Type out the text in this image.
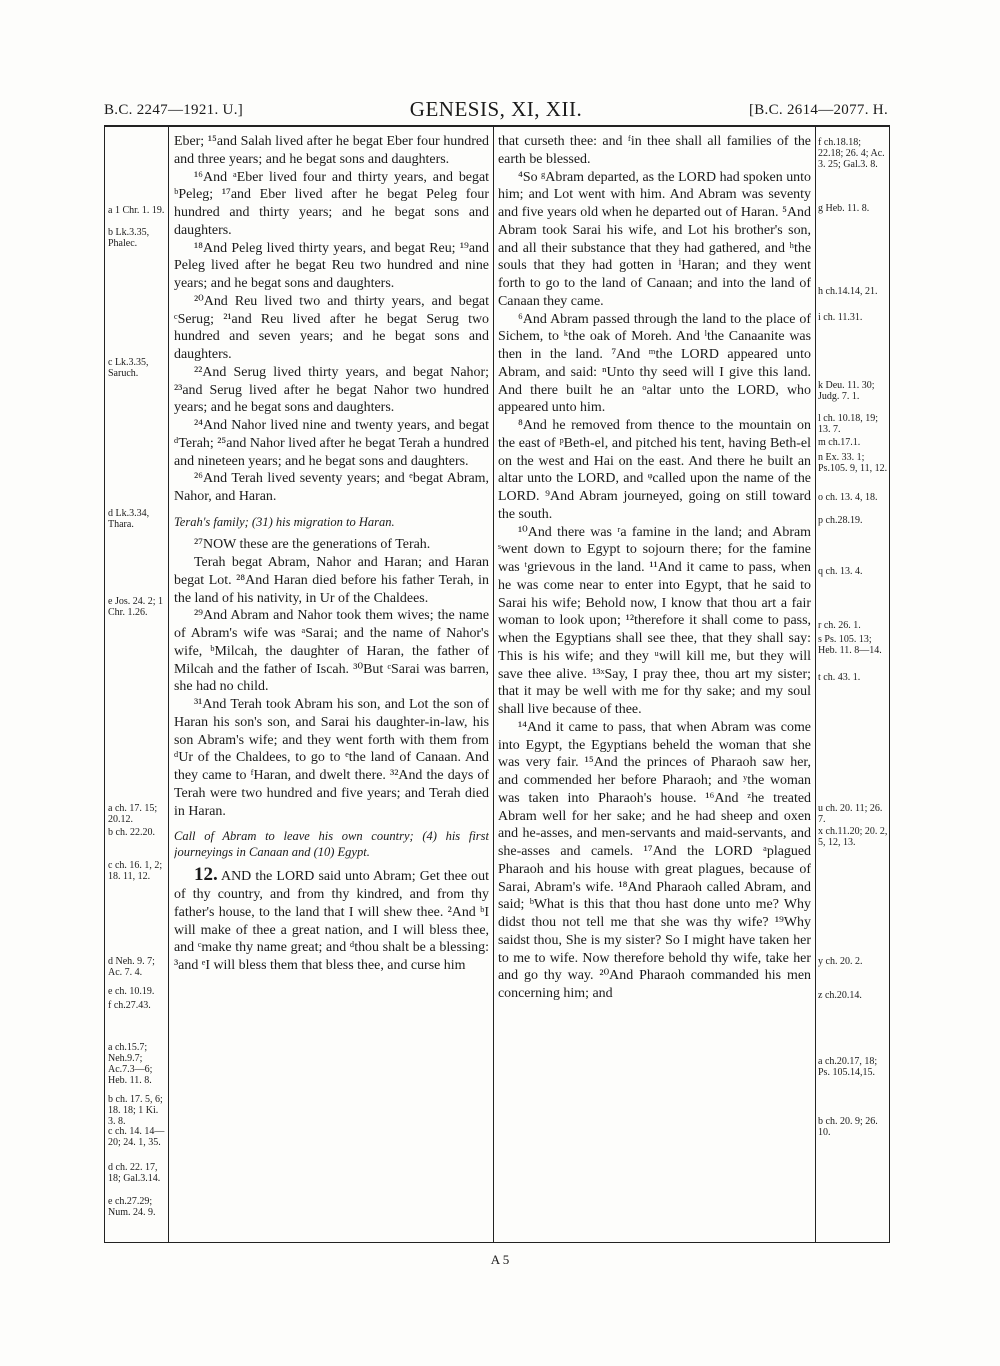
B.C. 2247—1921. U.]	GENESIS, XI, XII.	[B.C. 2614—2077. H.
a 1 Chr. 1. 19.
b Lk.3.35, Phalec.
c Lk.3.35, Saruch.
d Lk.3.34, Thara.
e Jos. 24. 2; 1 Chr. 1.26.
a ch. 17. 15; 20.12.
b ch. 22.20.
c ch. 16. 1, 2; 18. 11, 12.
d Neh. 9. 7; Ac. 7. 4.
e ch. 10.19.
f ch.27.43.
a ch.15.7; Neh.9.7; Ac.7.3—6; Heb. 11. 8.
b ch. 17. 5, 6; 18. 18; 1 Ki. 3. 8.
c ch. 14. 14—20; 24. 1, 35.
d ch. 22. 17, 18; Gal.3.14.
e ch.27.29; Num. 24. 9.

Eber; ¹⁵and Salah lived after he begat Eber four hundred and three years; and he begat sons and daughters.

¹⁶And ᵃEber lived four and thirty years, and begat ᵇPeleg; ¹⁷and Eber lived after he begat Peleg four hundred and thirty years; and he begat sons and daughters.

¹⁸And Peleg lived thirty years, and begat Reu; ¹⁹and Peleg lived after he begat Reu two hundred and nine years; and he begat sons and daughters.

²⁰And Reu lived two and thirty years, and begat ᶜSerug; ²¹and Reu lived after he begat Serug two hundred and seven years; and he begat sons and daughters.

²²And Serug lived thirty years, and begat Nahor; ²³and Serug lived after he begat Nahor two hundred years; and he begat sons and daughters.

²⁴And Nahor lived nine and twenty years, and begat ᵈTerah; ²⁵and Nahor lived after he begat Terah a hundred and nineteen years; and he begat sons and daughters.

²⁶And Terah lived seventy years; and ᵉbegat Abram, Nahor, and Haran.

Terah's family; (31) his migration to Haran.

²⁷NOW these are the generations of Terah.

Terah begat Abram, Nahor and Haran; and Haran begat Lot. ²⁸And Haran died before his father Terah, in the land of his nativity, in Ur of the Chaldees.

²⁹And Abram and Nahor took them wives; the name of Abram's wife was ᵃSarai; and the name of Nahor's wife, ᵇMilcah, the daughter of Haran, the father of Milcah and the father of Iscah. ³⁰But ᶜSarai was barren, she had no child.

³¹And Terah took Abram his son, and Lot the son of Haran his son's son, and Sarai his daughter-in-law, his son Abram's wife; and they went forth with them from ᵈUr of the Chaldees, to go to ᵉthe land of Canaan. And they came to ᶠHaran, and dwelt there. ³²And the days of Terah were two hundred and five years; and Terah died in Haran.

Call of Abram to leave his own country; (4) his first journeyings in Canaan and (10) Egypt.

12. AND the LORD said unto Abram; Get thee out of thy country, and from thy kindred, and from thy father's house, to the land that I will shew thee. ²And ᵇI will make of thee a great nation, and I will bless thee, and ᶜmake thy name great; and ᵈthou shalt be a blessing: ³and ᵉI will bless them that bless thee, and curse him

that curseth thee: and ᶠin thee shall all families of the earth be blessed.

⁴So ᵍAbram departed, as the LORD had spoken unto him; and Lot went with him. And Abram was seventy and five years old when he departed out of Haran. ⁵And Abram took Sarai his wife, and Lot his brother's son, and all their substance that they had gathered, and ʰthe souls that they had gotten in ⁱHaran; and they went forth to go to the land of Canaan; and into the land of Canaan they came.

⁶And Abram passed through the land to the place of Sichem, to ᵏthe oak of Moreh. And ˡthe Canaanite was then in the land. ⁷And ᵐthe LORD appeared unto Abram, and said: ⁿUnto thy seed will I give this land. And there built he an ᵒaltar unto the LORD, who appeared unto him.

⁸And he removed from thence to the mountain on the east of ᵖBeth-el, and pitched his tent, having Beth-el on the west and Hai on the east. And there he built an altar unto the LORD, and ᵠcalled upon the name of the LORD. ⁹And Abram journeyed, going on still toward the south.

¹⁰And there was ʳa famine in the land; and Abram ˢwent down to Egypt to sojourn there; for the famine was ᵗgrievous in the land. ¹¹And it came to pass, when he was come near to enter into Egypt, that he said to Sarai his wife; Behold now, I know that thou art a fair woman to look upon; ¹²therefore it shall come to pass, when the Egyptians shall see thee, that they shall say: This is his wife; and they ᵘwill kill me, but they will save thee alive. ¹³ˣSay, I pray thee, thou art my sister; that it may be well with me for thy sake; and my soul shall live because of thee.

¹⁴And it came to pass, that when Abram was come into Egypt, the Egyptians beheld the woman that she was very fair. ¹⁵And the princes of Pharaoh saw her, and commended her before Pharaoh; and ʸthe woman was taken into Pharaoh's house. ¹⁶And ᶻhe treated Abram well for her sake; and he had sheep and oxen and he-asses, and men-servants and maid-servants, and she-asses and camels. ¹⁷And the LORD ᵃplagued Pharaoh and his house with great plagues, because of Sarai, Abram's wife. ¹⁸And Pharaoh called Abram, and said; ᵇWhat is this that thou hast done unto me? Why didst thou not tell me that she was thy wife? ¹⁹Why saidst thou, She is my sister? So I might have taken her to me to wife. Now therefore behold thy wife, take her and go thy way. ²⁰And Pharaoh commanded his men concerning him; and

f ch.18.18; 22.18; 26. 4; Ac. 3. 25; Gal.3. 8.
g Heb. 11. 8.
h ch.14.14, 21.
i ch. 11.31.
k Deu. 11. 30; Judg. 7. 1.
l ch. 10.18, 19; 13. 7.
m ch.17.1.
n Ex. 33. 1; Ps.105. 9, 11, 12.
o ch. 13. 4, 18.
p ch.28.19.
q ch. 13. 4.
r ch. 26. 1.
s Ps. 105. 13; Heb. 11. 8—14.
t ch. 43. 1.
u ch. 20. 11; 26. 7.
x ch.11.20; 20. 2, 5, 12, 13.
y ch. 20. 2.
z ch.20.14.
a ch.20.17, 18; Ps. 105.14,15.
b ch. 20. 9; 26. 10.
A 5
